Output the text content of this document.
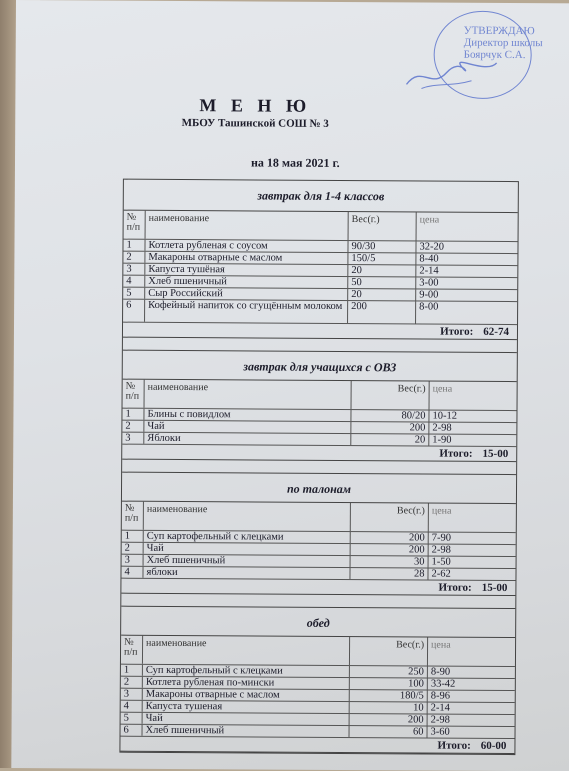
УТВЕРЖДАЮ
Директор школы
Боярчук С.А.
М Е Н Ю
МБОУ Ташинской СОШ № 3
на 18 мая 2021 г.
завтрак для 1-4 классов
№ п/п
наименование	Вес(г.)	цена
1	Котлета рубленая с соусом	90/30	32-20
2	Макароны отварные с маслом	150/5	8-40
3	Капуста тушёная	20	2-14
4	Хлеб пшеничный	50	3-00
5	Сыр Российский	20	9-00
6	Кофейный напиток со сгущённым молоком 200	8-00
Итого: 62-74
завтрак для учащихся с ОВЗ
№ п/п
наименование	Вес(г.) цена
1	Блины с повидлом	80/20 10-12
2	Чай	200 2-98
3	Яблоки	20 1-90
Итого: 15-00
по талонам
№ п/п
наименование	Вес(г.) цена
1	Суп картофельный с клецками	200 7-90
2	Чай	200 2-98
3	Хлеб пшеничный	30 1-50
4	яблоки	28 2-62
Итого: 15-00
обед
№ п/п
наименование	Вес(г.) цена
1	Суп картофельный с клецками	250 8-90
2	Котлета рубленая по-мински	100 33-42
3	Макароны отварные с маслом	180/5 8-96
4	Капуста тушеная	10 2-14
5	Чай	200 2-98
6	Хлеб пшеничный	60 3-60
Итого: 60-00
